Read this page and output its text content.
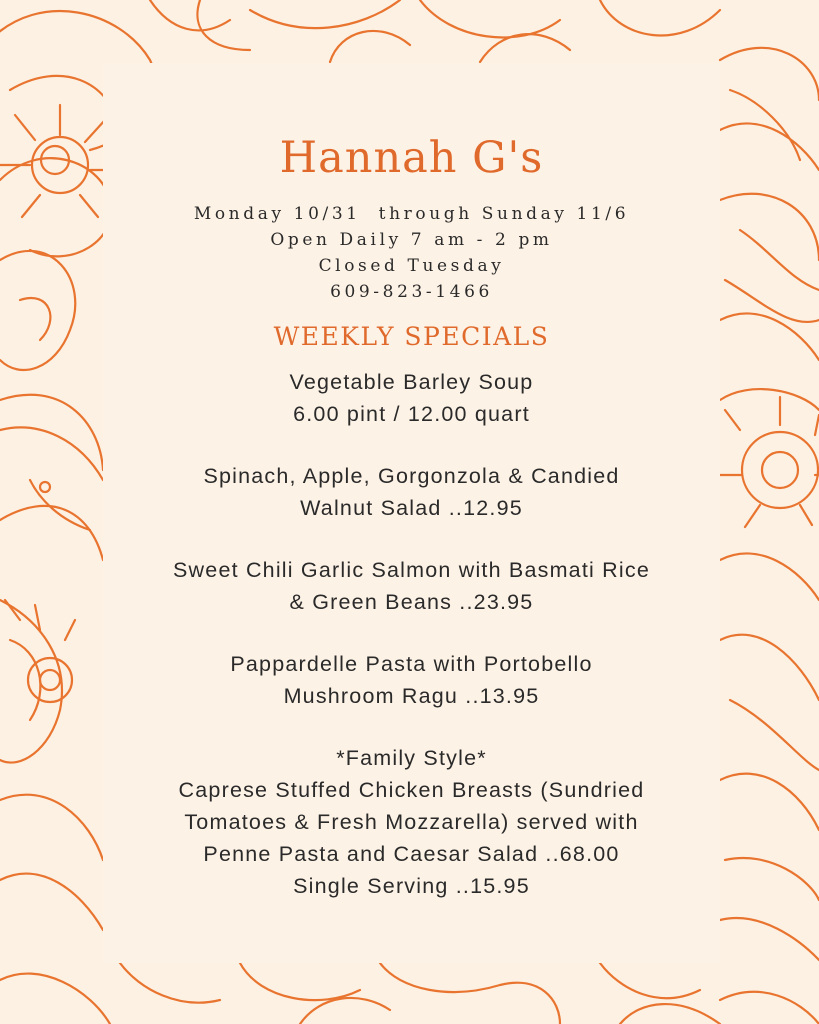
Hannah G's
Monday 10/31  through Sunday 11/6
Open Daily 7 am - 2 pm
Closed Tuesday
609-823-1466
WEEKLY SPECIALS
Vegetable Barley Soup
6.00 pint / 12.00 quart
Spinach, Apple, Gorgonzola & Candied
Walnut Salad ..12.95
Sweet Chili Garlic Salmon with Basmati Rice
& Green Beans ..23.95
Pappardelle Pasta with Portobello
Mushroom Ragu ..13.95
*Family Style*
Caprese Stuffed Chicken Breasts (Sundried
Tomatoes & Fresh Mozzarella) served with
Penne Pasta and Caesar Salad ..68.00
Single Serving ..15.95
